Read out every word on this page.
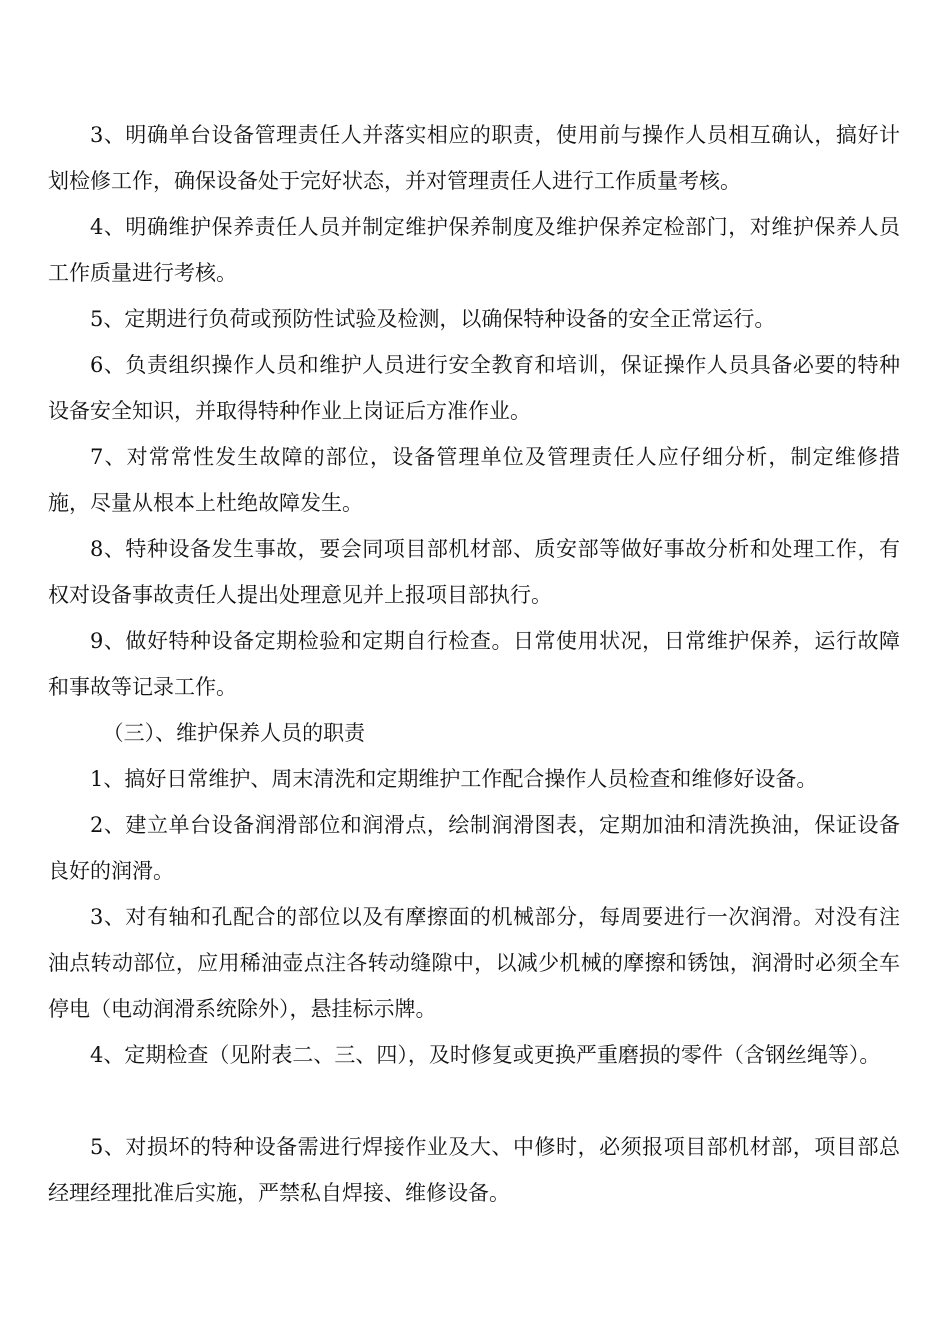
3、明确单台设备管理责任人并落实相应的职责，使用前与操作人员相互确认，搞好计划检修工作，确保设备处于完好状态，并对管理责任人进行工作质量考核。

4、明确维护保养责任人员并制定维护保养制度及维护保养定检部门，对维护保养人员工作质量进行考核。

5、定期进行负荷或预防性试验及检测，以确保特种设备的安全正常运行。

6、负责组织操作人员和维护人员进行安全教育和培训，保证操作人员具备必要的特种设备安全知识，并取得特种作业上岗证后方准作业。

7、对常常性发生故障的部位，设备管理单位及管理责任人应仔细分析，制定维修措施，尽量从根本上杜绝故障发生。

8、特种设备发生事故，要会同项目部机材部、质安部等做好事故分析和处理工作，有权对设备事故责任人提出处理意见并上报项目部执行。

9、做好特种设备定期检验和定期自行检查。日常使用状况，日常维护保养，运行故障和事故等记录工作。

（三）、维护保养人员的职责

1、搞好日常维护、周末清洗和定期维护工作配合操作人员检查和维修好设备。

2、建立单台设备润滑部位和润滑点，绘制润滑图表，定期加油和清洗换油，保证设备良好的润滑。

3、对有轴和孔配合的部位以及有摩擦面的机械部分，每周要进行一次润滑。对没有注油点转动部位，应用稀油壶点注各转动缝隙中，以减少机械的摩擦和锈蚀，润滑时必须全车停电（电动润滑系统除外），悬挂标示牌。

4、定期检查（见附表二、三、四），及时修复或更换严重磨损的零件（含钢丝绳等）。

5、对损坏的特种设备需进行焊接作业及大、中修时，必须报项目部机材部，项目部总经理经理批准后实施，严禁私自焊接、维修设备。
